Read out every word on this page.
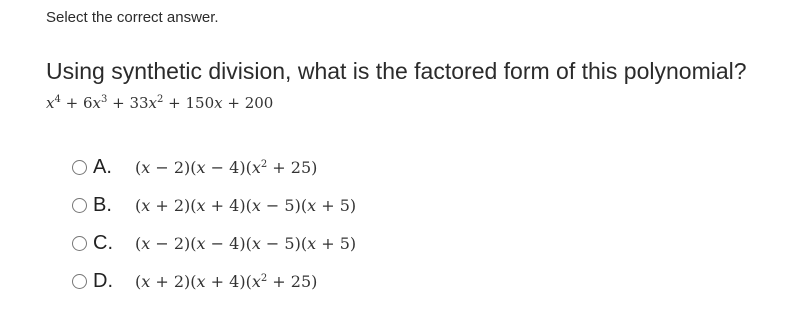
Select the correct answer.
Using synthetic division, what is the factored form of this polynomial?
$x^4 + 6x^3 + 33x^2 + 150x + 200$
A.	$(x - 2)(x - 4)(x^2 + 25)$
B.	(x + 2)(x + 4)(x − 5)(x + 5)
C.	(x − 2)(x − 4)(x − 5)(x + 5)
D.	$(x + 2)(x + 4)(x^2 + 25)$
